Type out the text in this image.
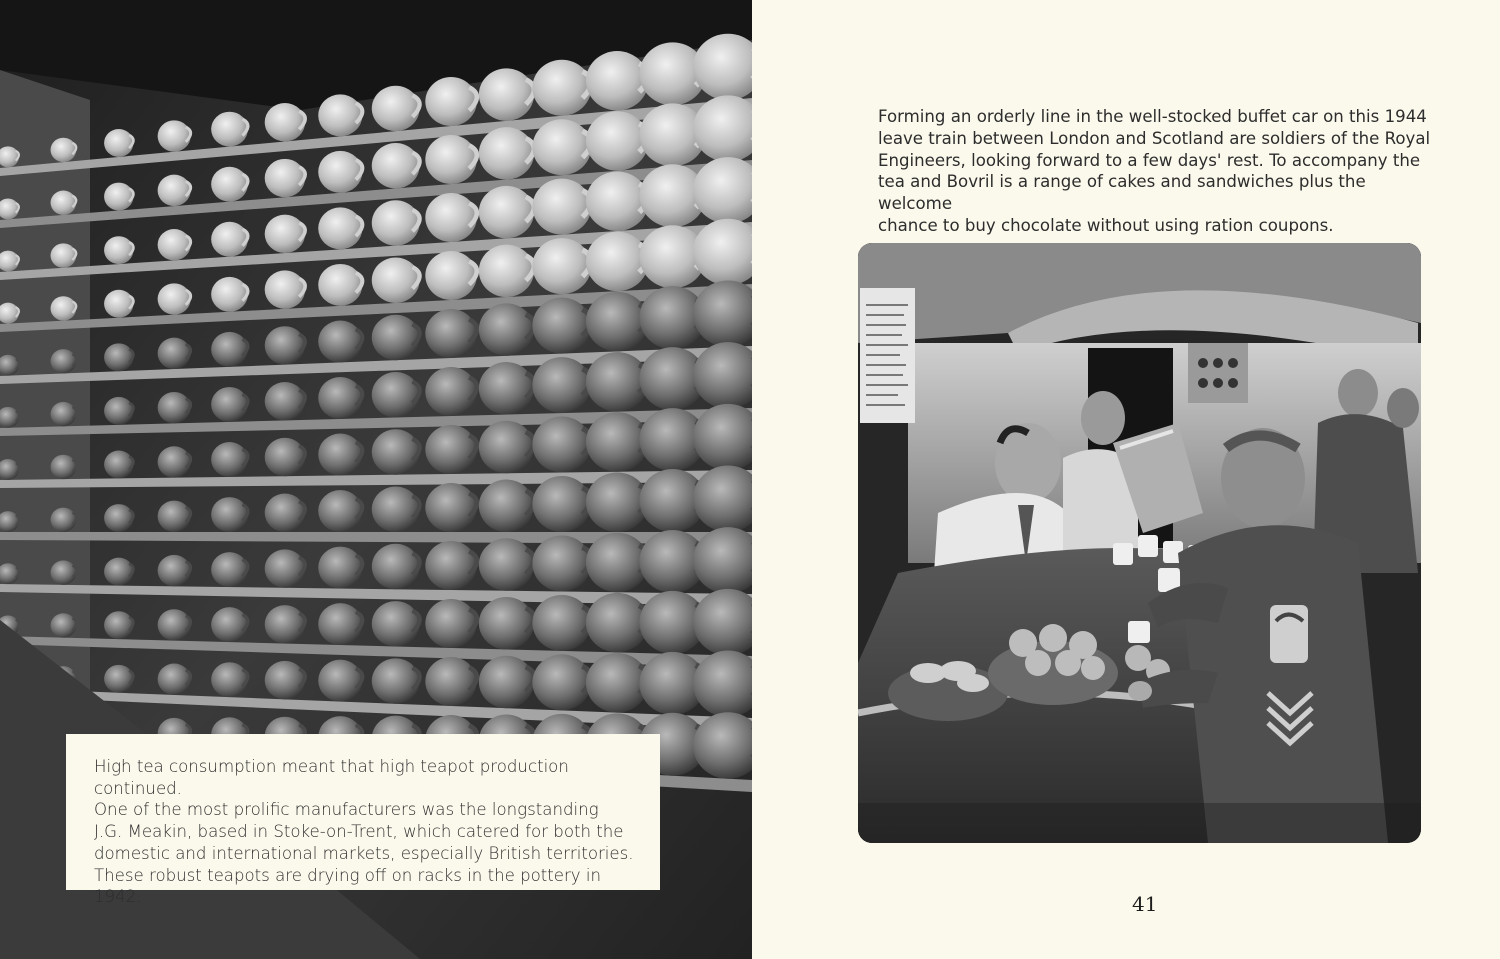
High tea consumption meant that high teapot production continued.
One of the most prolific manufacturers was the longstanding
J.G. Meakin, based in Stoke-on-Trent, which catered for both the
domestic and international markets, especially British territories.
These robust teapots are drying off on racks in the pottery in 1942.

Forming an orderly line in the well-stocked buffet car on this 1944
leave train between London and Scotland are soldiers of the Royal
Engineers, looking forward to a few days' rest. To accompany the
tea and Bovril is a range of cakes and sandwiches plus the welcome
chance to buy chocolate without using ration coupons.

41
